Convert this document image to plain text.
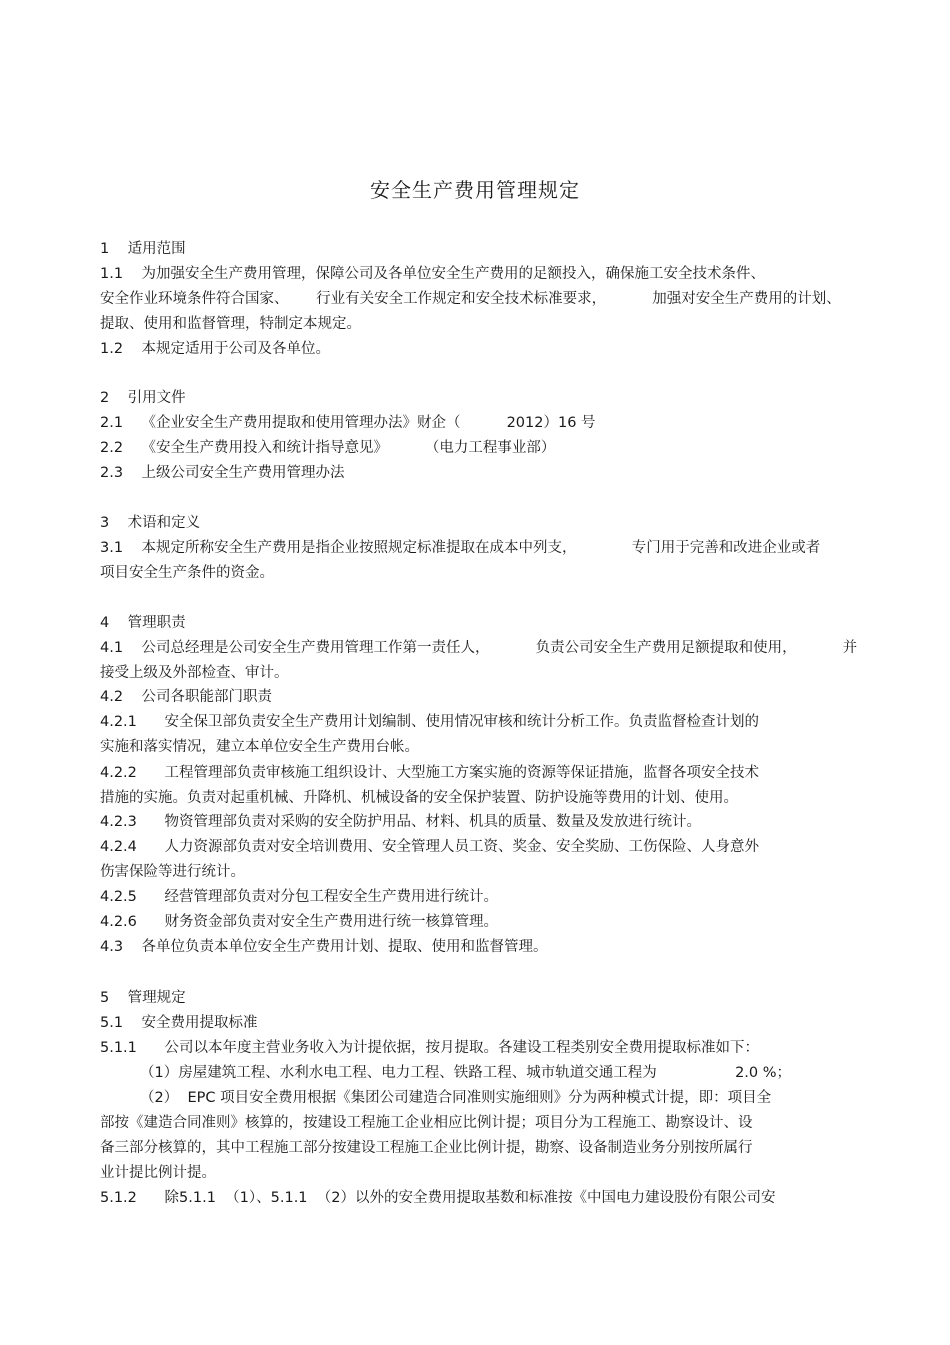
安全生产费用管理规定
1    适用范围
1.1    为加强安全生产费用管理，保障公司及各单位安全生产费用的足额投入，确保施工安全技术条件、
安全作业环境条件符合国家、      行业有关安全工作规定和安全技术标准要求，          加强对安全生产费用的计划、
提取、使用和监督管理，特制定本规定。
1.2    本规定适用于公司及各单位。
2    引用文件
2.1    《企业安全生产费用提取和使用管理办法》财企（          2012）16 号
2.2    《安全生产费用投入和统计指导意见》        （电力工程事业部）
2.3    上级公司安全生产费用管理办法
3    术语和定义
3.1    本规定所称安全生产费用是指企业按照规定标准提取在成本中列支，            专门用于完善和改进企业或者
项目安全生产条件的资金。
4    管理职责
4.1    公司总经理是公司安全生产费用管理工作第一责任人，          负责公司安全生产费用足额提取和使用，          并
接受上级及外部检查、审计。
4.2    公司各职能部门职责
4.2.1      安全保卫部负责安全生产费用计划编制、使用情况审核和统计分析工作。负责监督检查计划的
实施和落实情况，建立本单位安全生产费用台帐。
4.2.2      工程管理部负责审核施工组织设计、大型施工方案实施的资源等保证措施，监督各项安全技术
措施的实施。负责对起重机械、升降机、机械设备的安全保护装置、防护设施等费用的计划、使用。
4.2.3      物资管理部负责对采购的安全防护用品、材料、机具的质量、数量及发放进行统计。
4.2.4      人力资源部负责对安全培训费用、安全管理人员工资、奖金、安全奖励、工伤保险、人身意外
伤害保险等进行统计。
4.2.5      经营管理部负责对分包工程安全生产费用进行统计。
4.2.6      财务资金部负责对安全生产费用进行统一核算管理。
4.3    各单位负责本单位安全生产费用计划、提取、使用和监督管理。
5    管理规定
5.1    安全费用提取标准
5.1.1      公司以本年度主营业务收入为计提依据，按月提取。各建设工程类别安全费用提取标准如下：
（1）房屋建筑工程、水利水电工程、电力工程、铁路工程、城市轨道交通工程为                 2.0 %；
（2）  EPC 项目安全费用根据《集团公司建造合同准则实施细则》分为两种模式计提，即：项目全
部按《建造合同准则》核算的，按建设工程施工企业相应比例计提；项目分为工程施工、勘察设计、设
备三部分核算的，其中工程施工部分按建设工程施工企业比例计提，勘察、设备制造业务分别按所属行
业计提比例计提。
5.1.2      除5.1.1  （1）、5.1.1  （2）以外的安全费用提取基数和标准按《中国电力建设股份有限公司安
